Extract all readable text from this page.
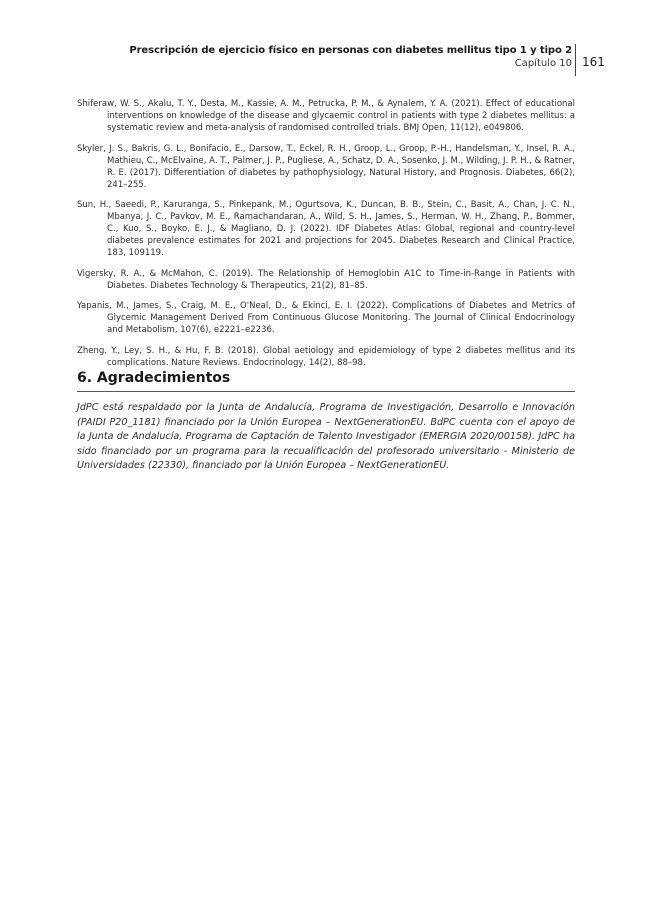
Prescripción de ejercicio físico en personas con diabetes mellitus tipo 1 y tipo 2
Capítulo 10 161

Shiferaw, W. S., Akalu, T. Y., Desta, M., Kassie, A. M., Petrucka, P. M., & Aynalem, Y. A. (2021). Effect of educational interventions on knowledge of the disease and glycaemic control in patients with type 2 diabetes mellitus: a systematic review and meta-analysis of randomised controlled trials. BMJ Open, 11(12), e049806.

Skyler, J. S., Bakris, G. L., Bonifacio, E., Darsow, T., Eckel, R. H., Groop, L., Groop, P.-H., Handelsman, Y., Insel, R. A., Mathieu, C., McElvaine, A. T., Palmer, J. P., Pugliese, A., Schatz, D. A., Sosenko, J. M., Wilding, J. P. H., & Ratner, R. E. (2017). Differentiation of diabetes by pathophysiology, Natural History, and Prognosis. Diabetes, 66(2), 241–255.

Sun, H., Saeedi, P., Karuranga, S., Pinkepank, M., Ogurtsova, K., Duncan, B. B., Stein, C., Basit, A., Chan, J. C. N., Mbanya, J. C., Pavkov, M. E., Ramachandaran, A., Wild, S. H., James, S., Herman, W. H., Zhang, P., Bommer, C., Kuo, S., Boyko, E. J., & Magliano, D. J. (2022). IDF Diabetes Atlas: Global, regional and country-level diabetes prevalence estimates for 2021 and projections for 2045. Diabetes Research and Clinical Practice, 183, 109119.

Vigersky, R. A., & McMahon, C. (2019). The Relationship of Hemoglobin A1C to Time-in-Range in Patients with Diabetes. Diabetes Technology & Therapeutics, 21(2), 81–85.

Yapanis, M., James, S., Craig, M. E., O'Neal, D., & Ekinci, E. I. (2022). Complications of Diabetes and Metrics of Glycemic Management Derived From Continuous Glucose Monitoring. The Journal of Clinical Endocrinology and Metabolism, 107(6), e2221–e2236.

Zheng, Y., Ley, S. H., & Hu, F. B. (2018). Global aetiology and epidemiology of type 2 diabetes mellitus and its complications. Nature Reviews. Endocrinology, 14(2), 88–98.

6. Agradecimientos

JdPC está respaldado por la Junta de Andalucía, Programa de Investigación, Desarrollo e Innovación (PAIDI P20_1181) financiado por la Unión Europea – NextGenerationEU. BdPC cuenta con el apoyo de la Junta de Andalucía, Programa de Captación de Talento Investigador (EMERGIA 2020/00158). JdPC ha sido financiado por un programa para la recualificación del profesorado universitario - Ministerio de Universidades (22330), financiado por la Unión Europea – NextGenerationEU.
